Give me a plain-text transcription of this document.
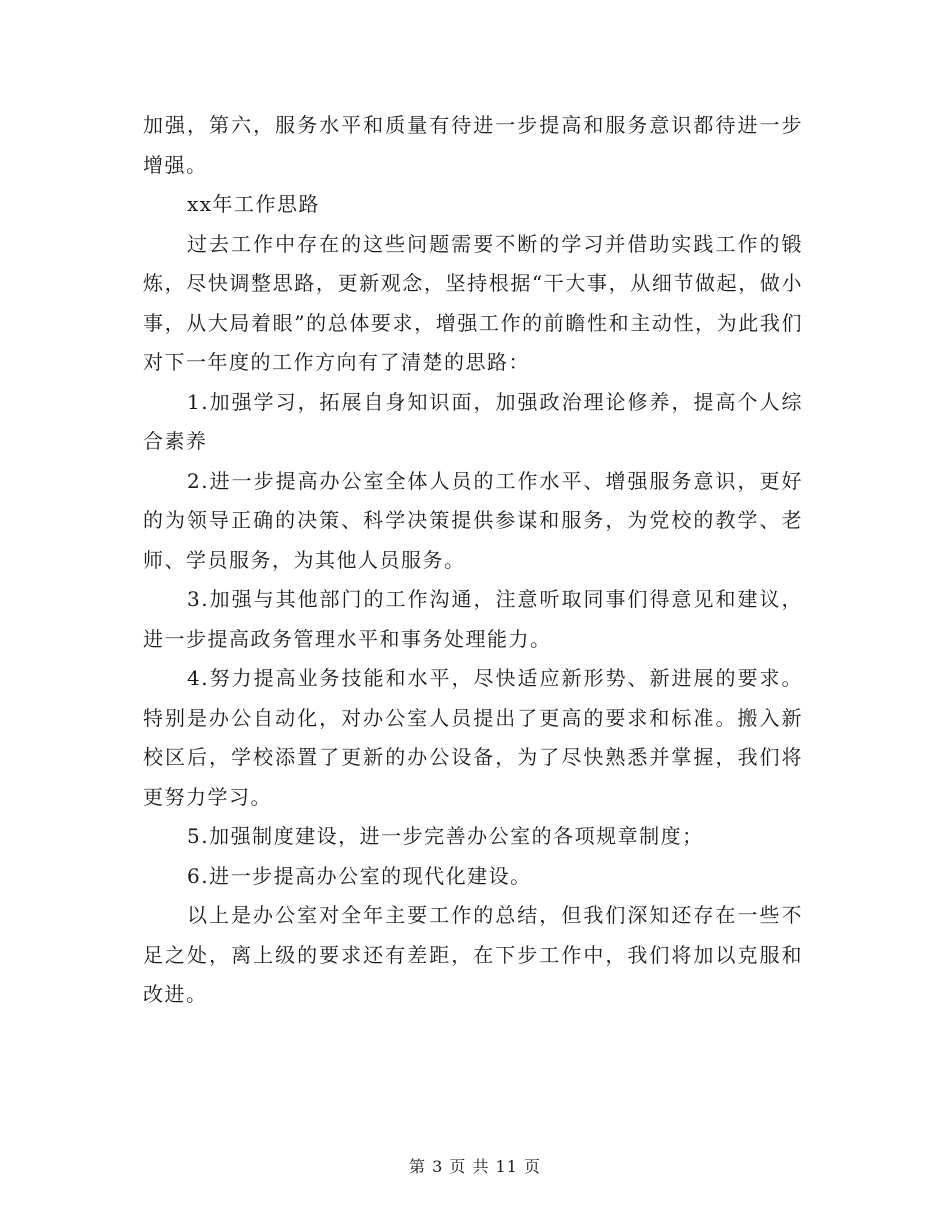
加强，第六，服务水平和质量有待进一步提高和服务意识都待进一步增强。

xx年工作思路

过去工作中存在的这些问题需要不断的学习并借助实践工作的锻炼，尽快调整思路，更新观念，坚持根据“干大事，从细节做起，做小事，从大局着眼”的总体要求，增强工作的前瞻性和主动性，为此我们对下一年度的工作方向有了清楚的思路：

1.加强学习，拓展自身知识面，加强政治理论修养，提高个人综合素养

2.进一步提高办公室全体人员的工作水平、增强服务意识，更好的为领导正确的决策、科学决策提供参谋和服务，为党校的教学、老师、学员服务，为其他人员服务。

3.加强与其他部门的工作沟通，注意听取同事们得意见和建议，进一步提高政务管理水平和事务处理能力。

4.努力提高业务技能和水平，尽快适应新形势、新进展的要求。特别是办公自动化，对办公室人员提出了更高的要求和标准。搬入新校区后，学校添置了更新的办公设备，为了尽快熟悉并掌握，我们将更努力学习。

5.加强制度建设，进一步完善办公室的各项规章制度；

6.进一步提高办公室的现代化建设。

以上是办公室对全年主要工作的总结，但我们深知还存在一些不足之处，离上级的要求还有差距，在下步工作中，我们将加以克服和改进。

第 3 页 共 11 页
